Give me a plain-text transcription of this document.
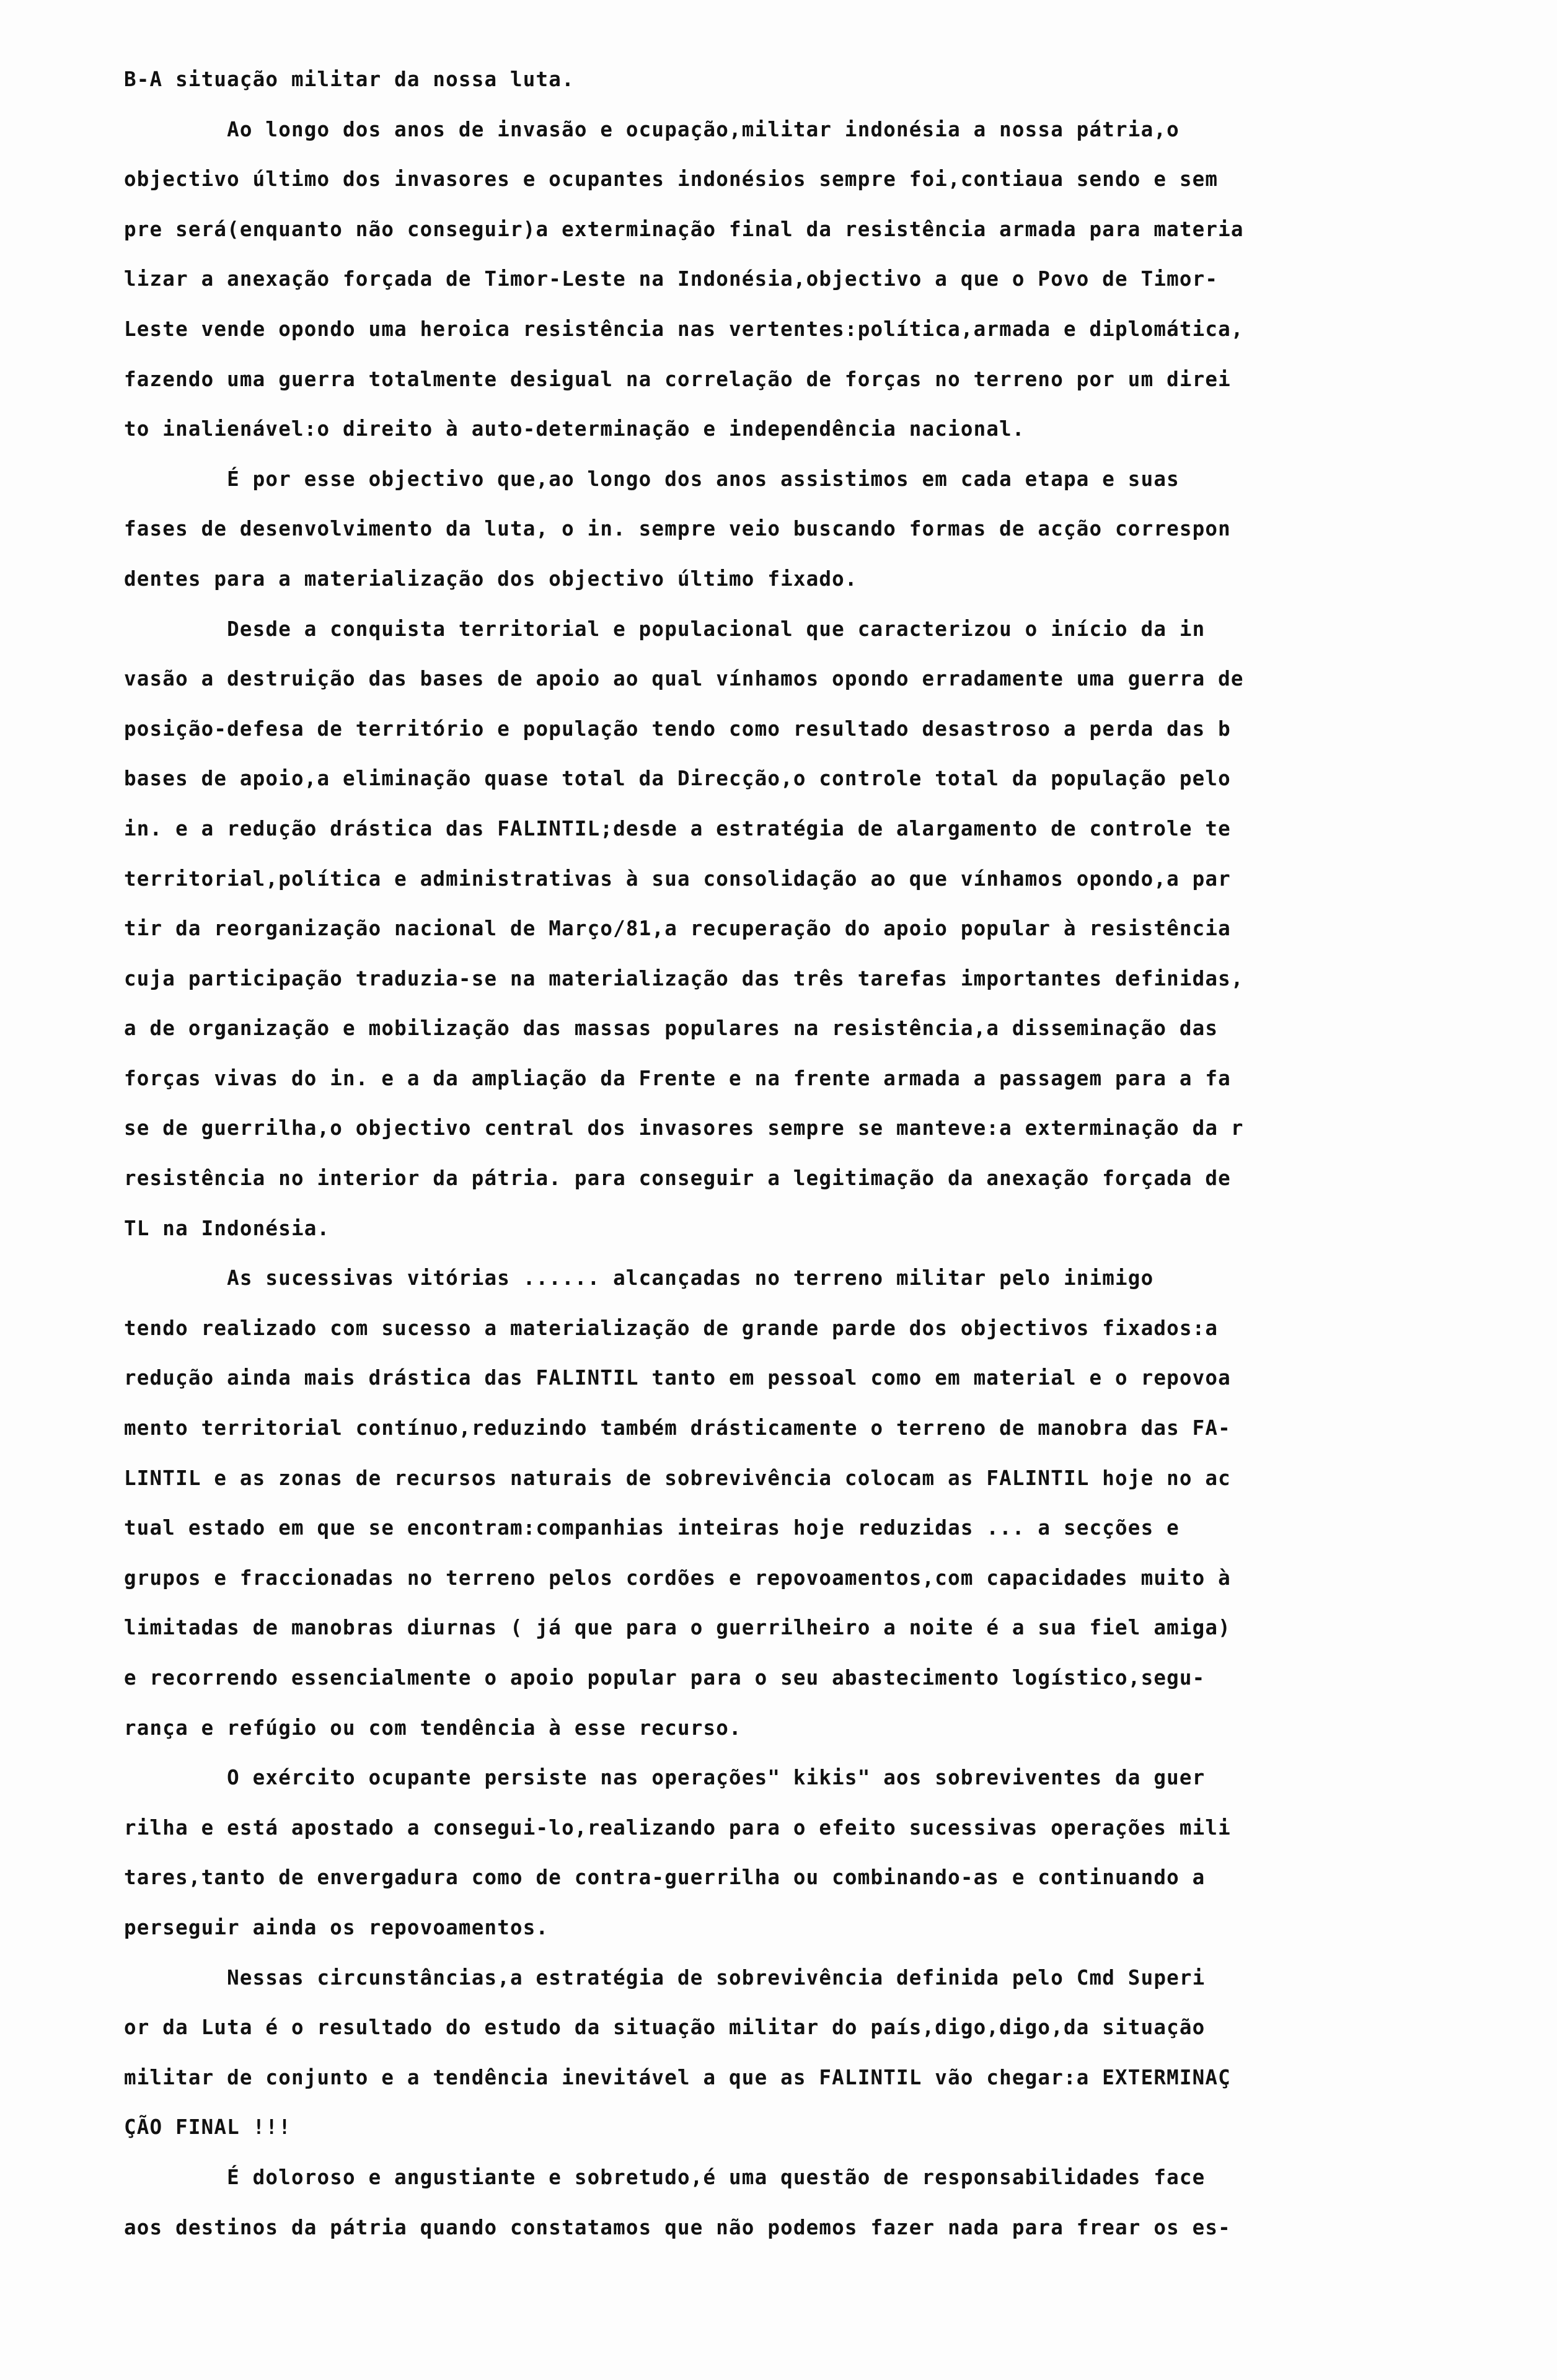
B-A situação militar da nossa luta.
Ao longo dos anos de invasão e ocupação,militar indonésia a nossa pátria,o
objectivo último dos invasores e ocupantes indonésios sempre foi,contiaua sendo e sem
pre será(enquanto não conseguir)a exterminação final da resistência armada para materia
lizar a anexação forçada de Timor-Leste na Indonésia,objectivo a que o Povo de Timor-
Leste vende opondo uma heroica resistência nas vertentes:política,armada e diplomática,
fazendo uma guerra totalmente desigual na correlação de forças no terreno por um direi
to inalienável:o direito à auto-determinação e independência nacional.
É por esse objectivo que,ao longo dos anos assistimos em cada etapa e suas
fases de desenvolvimento da luta, o in. sempre veio buscando formas de acção correspon
dentes para a materialização dos objectivo último fixado.
Desde a conquista territorial e populacional que caracterizou o início da in
vasão a destruição das bases de apoio ao qual vínhamos opondo erradamente uma guerra de
posição-defesa de território e população tendo como resultado desastroso a perda das b
bases de apoio,a eliminação quase total da Direcção,o controle total da população pelo
in. e a redução drástica das FALINTIL;desde a estratégia de alargamento de controle te
territorial,política e administrativas à sua consolidação ao que vínhamos opondo,a par
tir da reorganização nacional de Março/81,a recuperação do apoio popular à resistência
cuja participação traduzia-se na materialização das três tarefas importantes definidas,
a de organização e mobilização das massas populares na resistência,a disseminação das
forças vivas do in. e a da ampliação da Frente e na frente armada a passagem para a fa
se de guerrilha,o objectivo central dos invasores sempre se manteve:a exterminação da r
resistência no interior da pátria. para conseguir a legitimação da anexação forçada de
TL na Indonésia.
As sucessivas vitórias ...... alcançadas no terreno militar pelo inimigo
tendo realizado com sucesso a materialização de grande parde dos objectivos fixados:a
redução ainda mais drástica das FALINTIL tanto em pessoal como em material e o repovoa
mento territorial contínuo,reduzindo também drásticamente o terreno de manobra das FA-
LINTIL e as zonas de recursos naturais de sobrevivência colocam as FALINTIL hoje no ac
tual estado em que se encontram:companhias inteiras hoje reduzidas ... a secções e
grupos e fraccionadas no terreno pelos cordões e repovoamentos,com capacidades muito à
limitadas de manobras diurnas ( já que para o guerrilheiro a noite é a sua fiel amiga)
e recorrendo essencialmente o apoio popular para o seu abastecimento logístico,segu-
rança e refúgio ou com tendência à esse recurso.
O exército ocupante persiste nas operações" kikis" aos sobreviventes da guer
rilha e está apostado a consegui-lo,realizando para o efeito sucessivas operações mili
tares,tanto de envergadura como de contra-guerrilha ou combinando-as e continuando a
perseguir ainda os repovoamentos.
Nessas circunstâncias,a estratégia de sobrevivência definida pelo Cmd Superi
or da Luta é o resultado do estudo da situação militar do país,digo,digo,da situação
militar de conjunto e a tendência inevitável a que as FALINTIL vão chegar:a EXTERMINAÇ
ÇÃO FINAL !!!
É doloroso e angustiante e sobretudo,é uma questão de responsabilidades face
aos destinos da pátria quando constatamos que não podemos fazer nada para frear os es-
